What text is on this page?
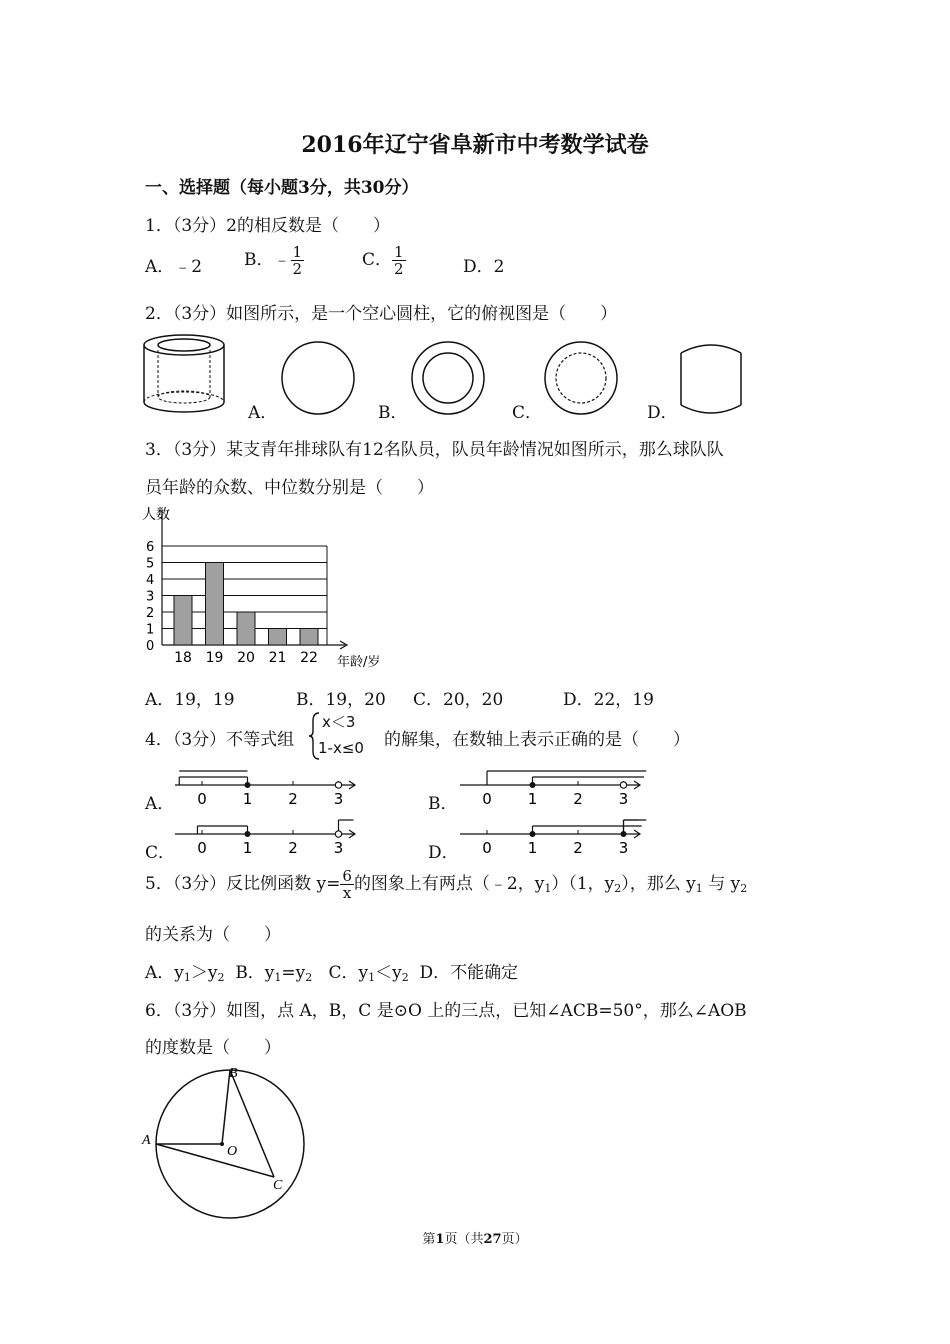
2016年辽宁省阜新市中考数学试卷
一、选择题（每小题3分，共30分）
1．（3分）2的相反数是（　　）
A．﹣2 B．﹣ $\frac{1}{2}$	C． $\frac{1}{2}$	D．2
2．（3分）如图所示，是一个空心圆柱，它的俯视图是（　　）
A．	B．	C．	D．
3．（3分）某支青年排球队有12名队员，队员年龄情况如图所示，那么球队队
员年龄的众数、中位数分别是（　　）
0
1
2
3
4
5
6
18 19 20 21 22
人数
年龄/岁
A．19，19	B．19，20 C．20，20	D．22，19
4．（3分）不等式组
x＜3
1-x≤0 的解集，在数轴上表示正确的是（　　）
A． 0 1 2 3	B． 0 1 2 3
C． 0 1 2 3	D． 0 1 2 3
5．（3分）反比例函数 $y= \frac{6}{x}$ 的图象上有两点（﹣2，$y_1)(1$，$y_2$），那么 $y_1$ 与 $y_2$
的关系为（　　）
A．$y_1>y_2$ B．$y_1=y_2$ C．$y_1<y_2$ D．不能确定
6．（3分）如图，点 A，B，C 是⊙O 上的三点，已知∠ACB=50°，那么∠AOB
的度数是（　　）
A
B
C
O
第1页（共27页）
